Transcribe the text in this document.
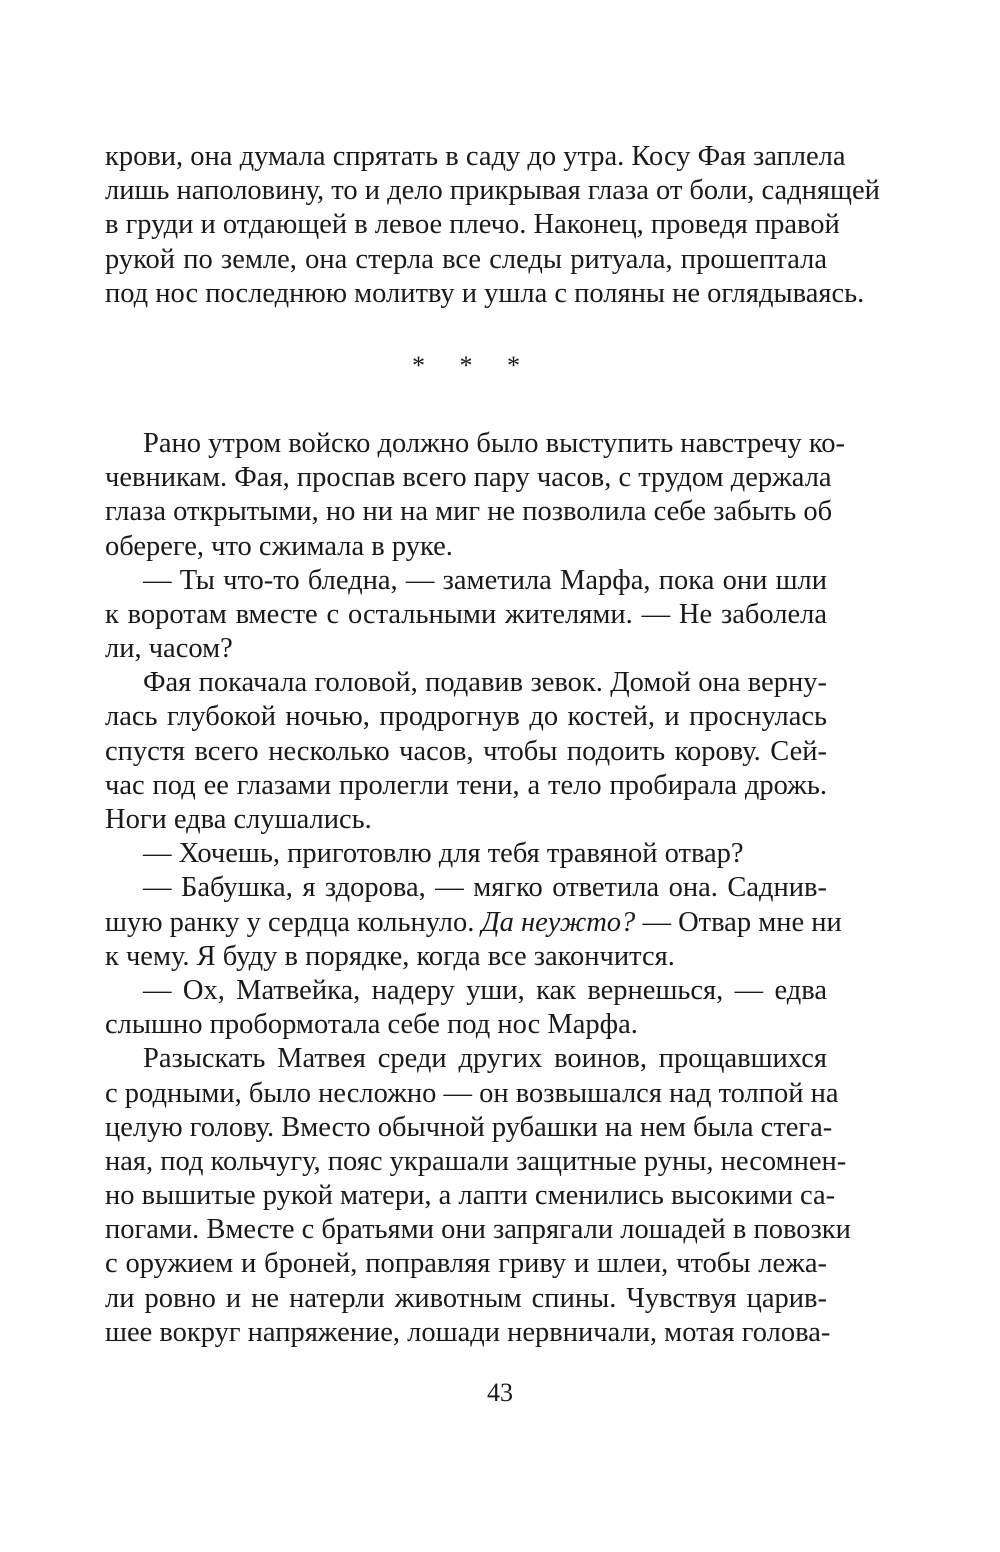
крови, она думала спрятать в саду до утра. Косу Фая заплела
лишь наполовину, то и дело прикрывая глаза от боли, саднящей
в груди и отдающей в левое плечо. Наконец, проведя правой
рукой по земле, она стерла все следы ритуала, прошептала
под нос последнюю молитву и ушла с поляны не оглядываясь.
* * *
Рано утром войско должно было выступить навстречу ко-
чевникам. Фая, проспав всего пару часов, с трудом держала
глаза открытыми, но ни на миг не позволила себе забыть об
обереге, что сжимала в руке.
— Ты что-то бледна, — заметила Марфа, пока они шли
к воротам вместе с остальными жителями. — Не заболела
ли, часом?
Фая покачала головой, подавив зевок. Домой она верну-
лась глубокой ночью, продрогнув до костей, и проснулась
спустя всего несколько часов, чтобы подоить корову. Сей-
час под ее глазами пролегли тени, а тело пробирала дрожь.
Ноги едва слушались.
— Хочешь, приготовлю для тебя травяной отвар?
— Бабушка, я здорова, — мягко ответила она. Саднив-
шую ранку у сердца кольнуло. Да неужто? — Отвар мне ни
к чему. Я буду в порядке, когда все закончится.
— Ох, Матвейка, надеру уши, как вернешься, — едва
слышно пробормотала себе под нос Марфа.
Разыскать Матвея среди других воинов, прощавшихся
с родными, было несложно — он возвышался над толпой на
целую голову. Вместо обычной рубашки на нем была стега-
ная, под кольчугу, пояс украшали защитные руны, несомнен-
но вышитые рукой матери, а лапти сменились высокими са-
погами. Вместе с братьями они запрягали лошадей в повозки
с оружием и броней, поправляя гриву и шлеи, чтобы лежа-
ли ровно и не натерли животным спины. Чувствуя царив-
шее вокруг напряжение, лошади нервничали, мотая голова-
43
